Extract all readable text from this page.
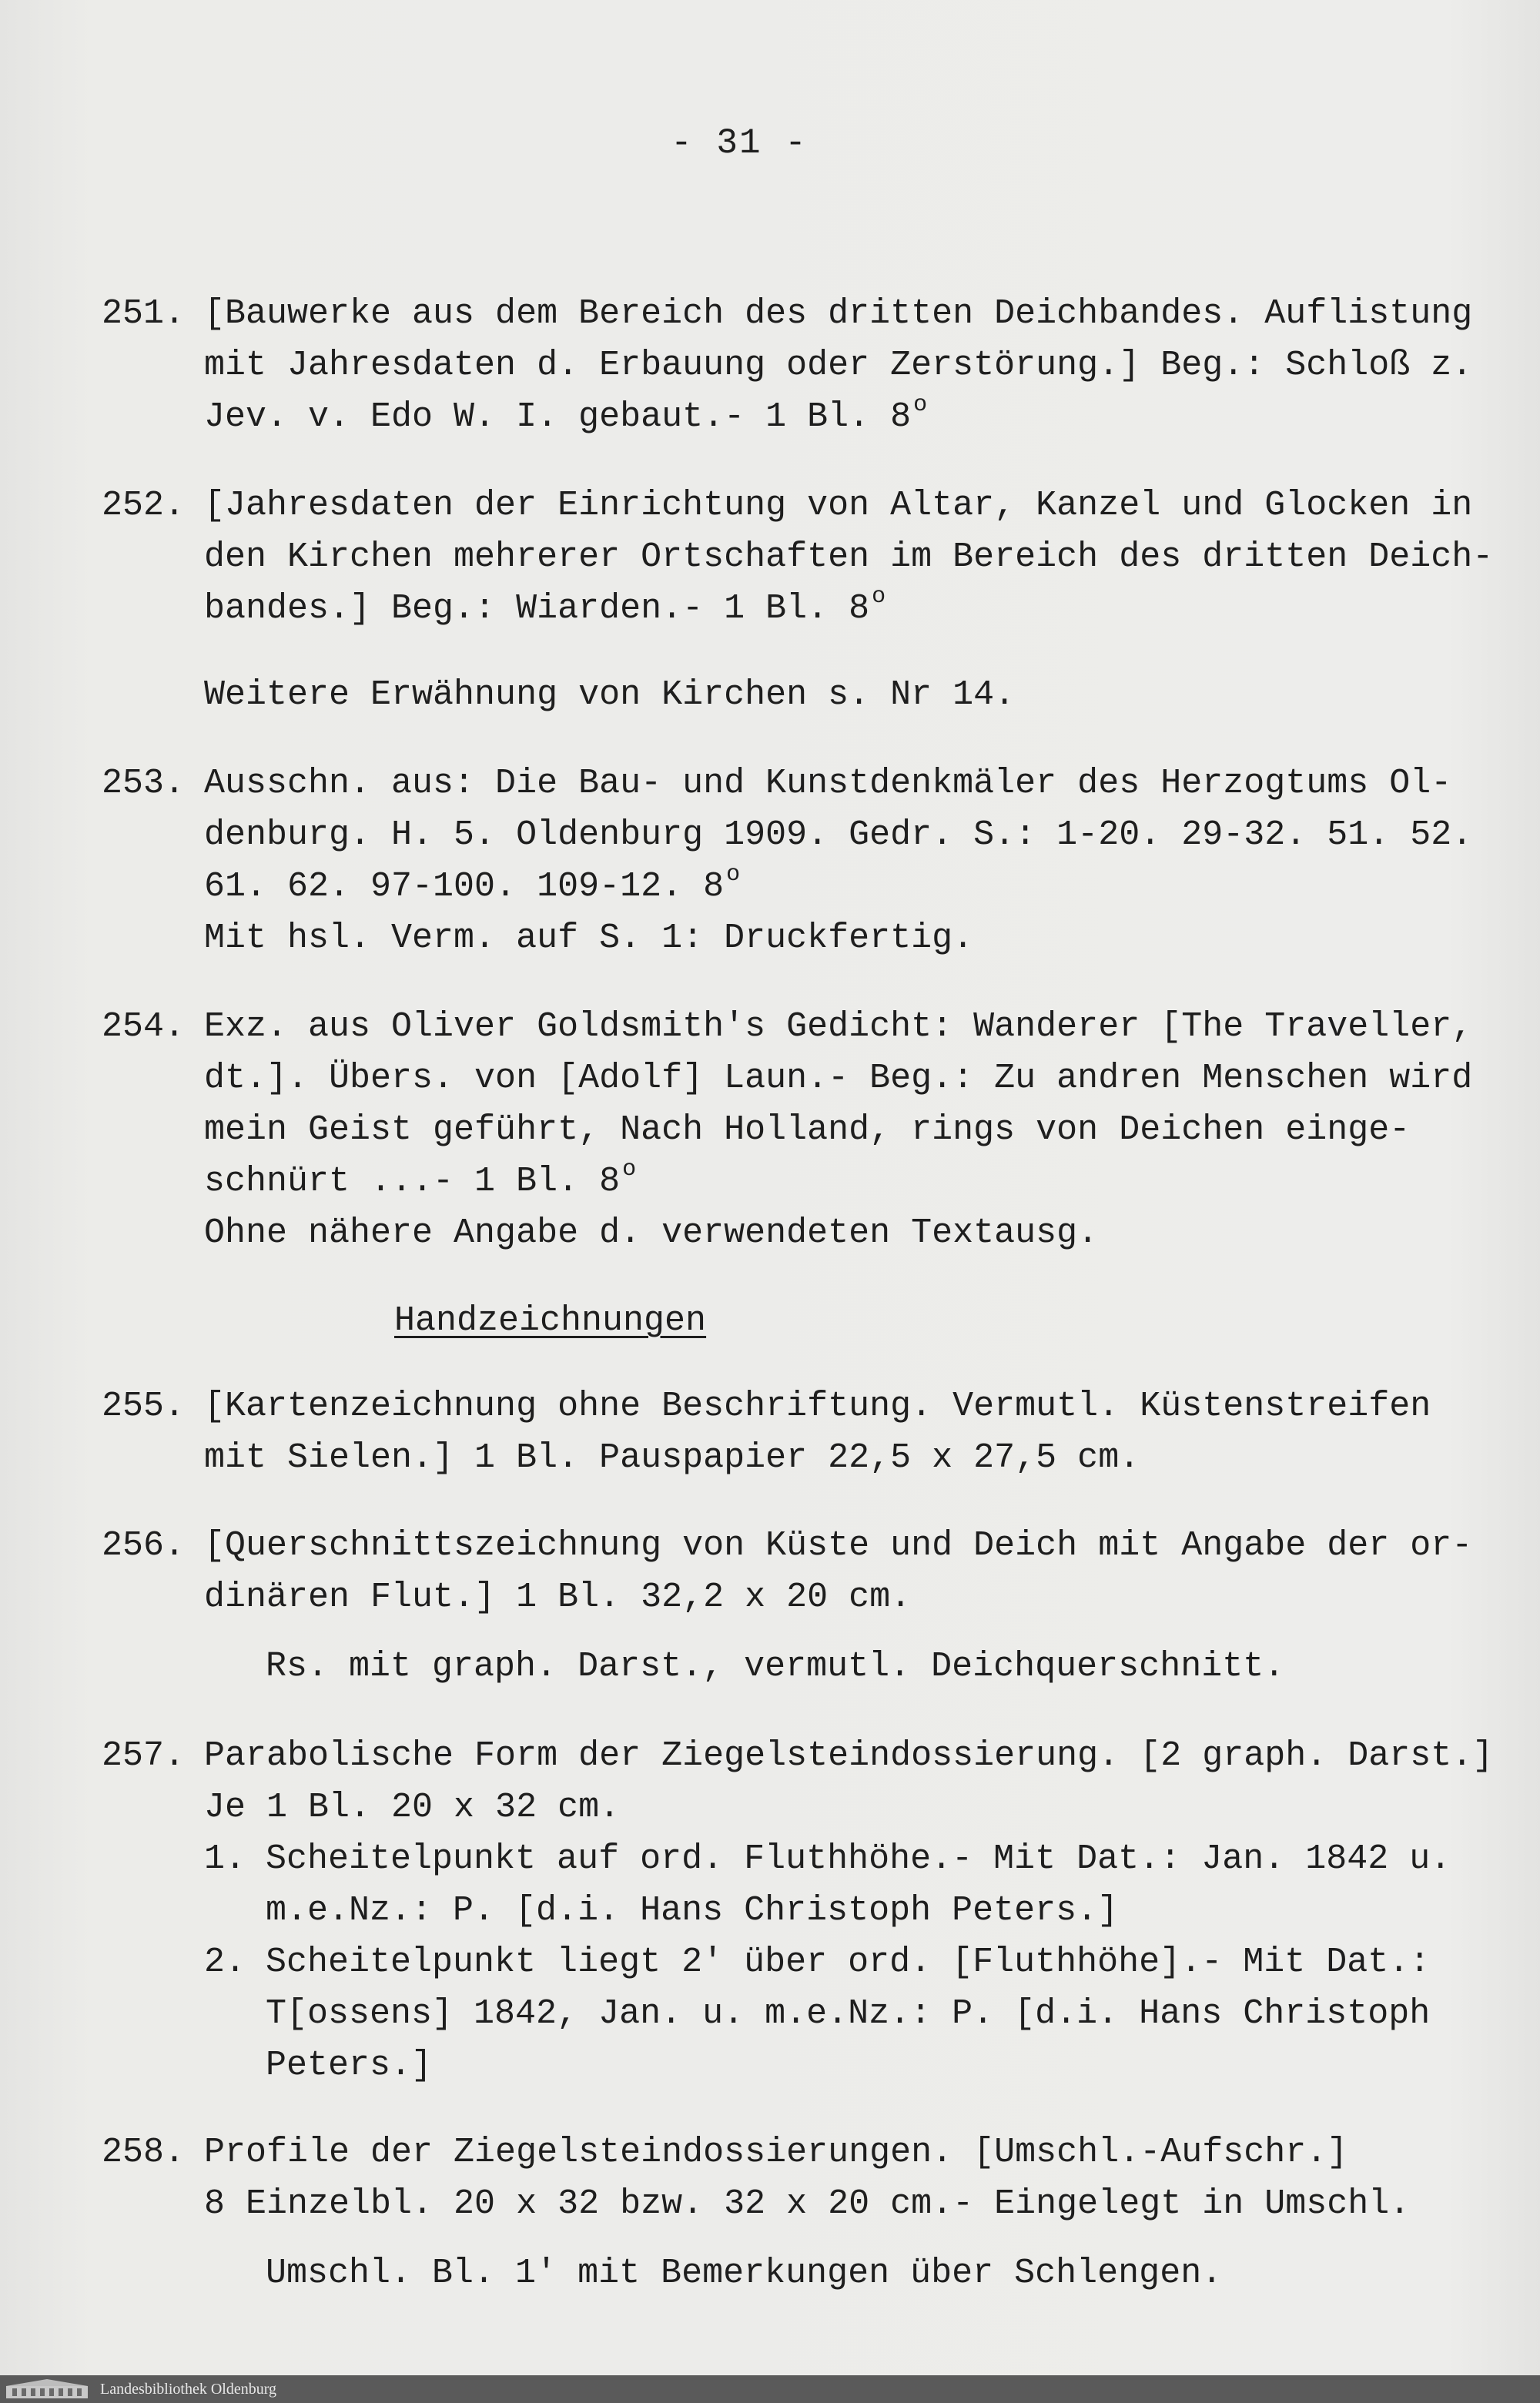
- 31 -
251. [Bauwerke aus dem Bereich des dritten Deichbandes. Auflistung
mit Jahresdaten d. Erbauung oder Zerstörung.] Beg.: Schloß z.
Jev. v. Edo W. I. gebaut.- 1 Bl. 8 $^o$
252. [Jahresdaten der Einrichtung von Altar, Kanzel und Glocken in
den Kirchen mehrerer Ortschaften im Bereich des dritten Deich-
bandes.] Beg.: Wiarden.- 1 Bl. 8 $^o$
Weitere Erwähnung von Kirchen s. Nr 14.
253. Ausschn. aus: Die Bau- und Kunstdenkmäler des Herzogtums Ol-
denburg. H. 5. Oldenburg 1909. Gedr. S.: 1-20. 29-32. 51. 52.
61. 62. 97-100. 109-12. 8 $^o$
Mit hsl. Verm. auf S. 1: Druckfertig.
254. Exz. aus Oliver Goldsmith's Gedicht: Wanderer [The Traveller,
dt.]. Übers. von [Adolf] Laun.- Beg.: Zu andren Menschen wird
mein Geist geführt, Nach Holland, rings von Deichen einge-
schnürt ...- 1 Bl. 8 $^o$
Ohne nähere Angabe d. verwendeten Textausg.
Handzeichnungen
255. [Kartenzeichnung ohne Beschriftung. Vermutl. Küstenstreifen
mit Sielen.] 1 Bl. Pauspapier 22,5 x 27,5 cm.
256. [Querschnittszeichnung von Küste und Deich mit Angabe der or-
dinären Flut.] 1 Bl. 32,2 x 20 cm.
Rs. mit graph. Darst., vermutl. Deichquerschnitt.
257. Parabolische Form der Ziegelsteindossierung. [2 graph. Darst.]
Je 1 Bl. 20 x 32 cm.
1. Scheitelpunkt auf ord. Fluthhöhe.- Mit Dat.: Jan. 1842 u.
m.e.Nz.: P. [d.i. Hans Christoph Peters.]
2. Scheitelpunkt liegt 2' über ord. [Fluthhöhe].- Mit Dat.:
T[ossens] 1842, Jan. u. m.e.Nz.: P. [d.i. Hans Christoph
Peters.]
258. Profile der Ziegelsteindossierungen. [Umschl.-Aufschr.]
8 Einzelbl. 20 x 32 bzw. 32 x 20 cm.- Eingelegt in Umschl.
Umschl. Bl. 1' mit Bemerkungen über Schlengen.
Landesbibliothek Oldenburg
